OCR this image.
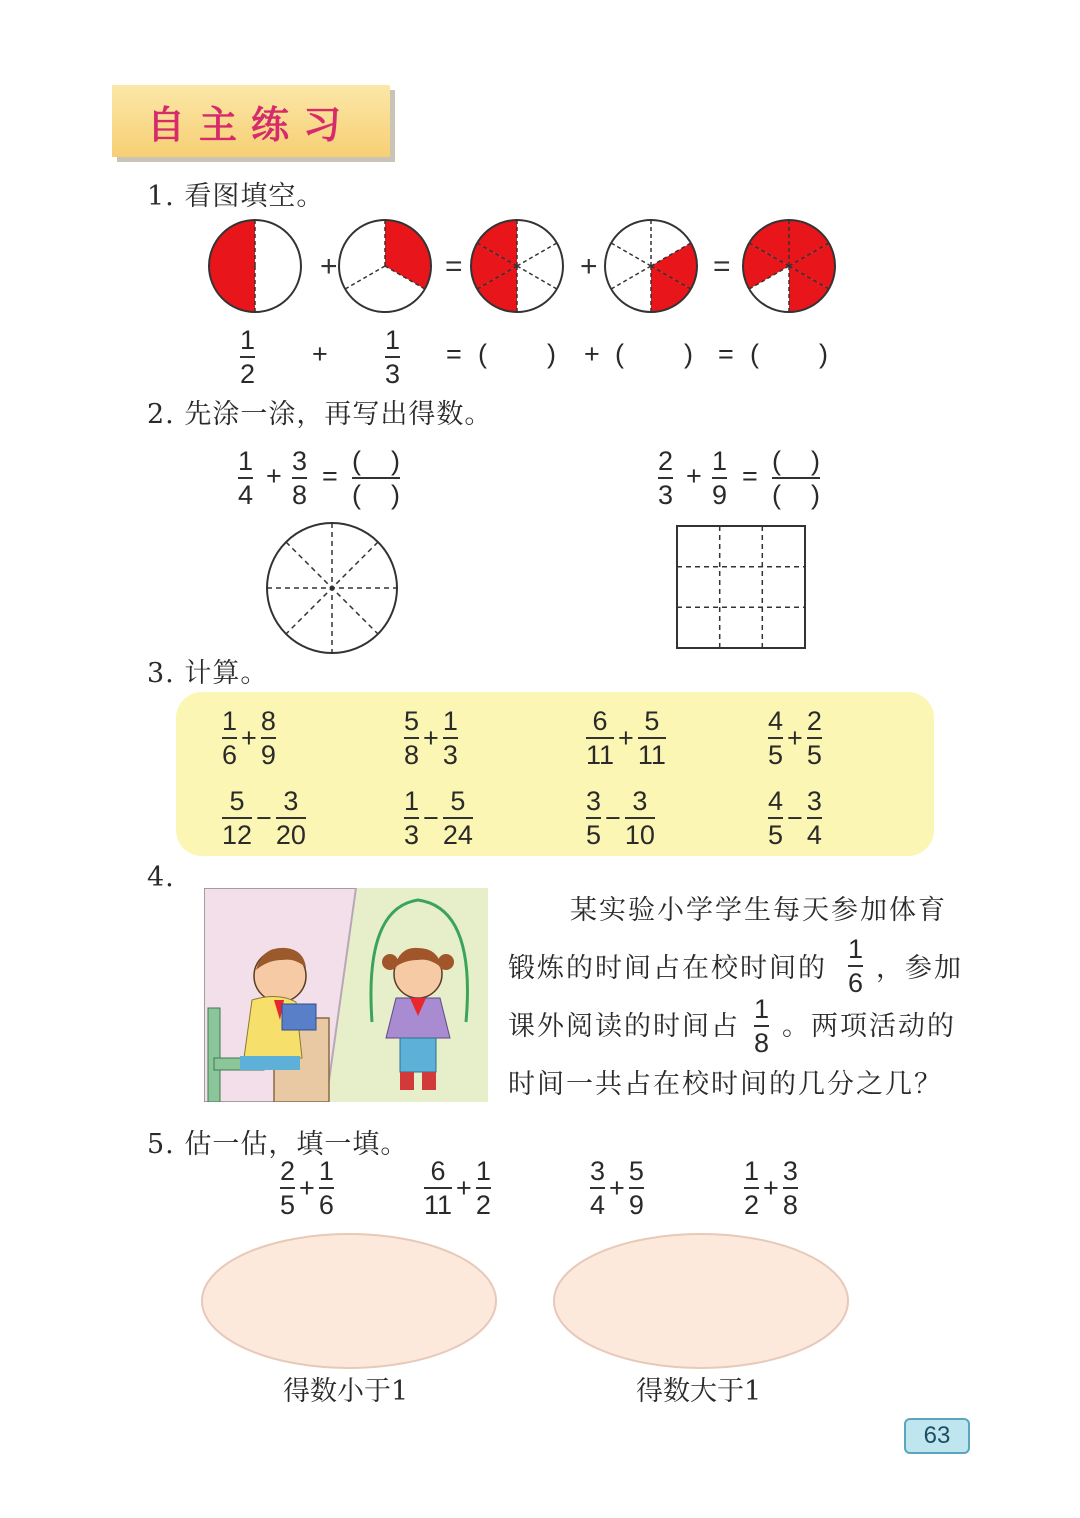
自主练习
1. 看图填空。
+	=	+	=
1
2
+ 1
3
= (        ) + (        ) = (        )
2. 先涂一涂，再写出得数。
1
4
+ 3
8
= (    )
(    )
2
3
+ 1
9
= (    )
(    )
3. 计算。
$\frac{1}{6} + \frac{8}{9}$	$\frac{5}{8} + \frac{1}{3}$	$\frac{6}{11} + \frac{5}{11}$	$\frac{4}{5} + \frac{2}{5}$
$\frac{5}{12} - \frac{3}{20}$	$\frac{1}{3} - \frac{5}{24}$	$\frac{3}{5} - \frac{3}{10}$	$\frac{4}{5} - \frac{3}{4}$
4.
某实验小学学生每天参加体育
锻炼的时间占在校时间的
1
6 ，参加
课外阅读的时间占
1
8
。两项活动的
时间一共占在校时间的几分之几？
5. 估一估，填一填。
$\frac{2}{5} + \frac{1}{6}$	$\frac{6}{11} + \frac{1}{2}$	$\frac{3}{4} + \frac{5}{9}$	$\frac{1}{2} + \frac{3}{8}$
得数小于1	得数大于1
63
